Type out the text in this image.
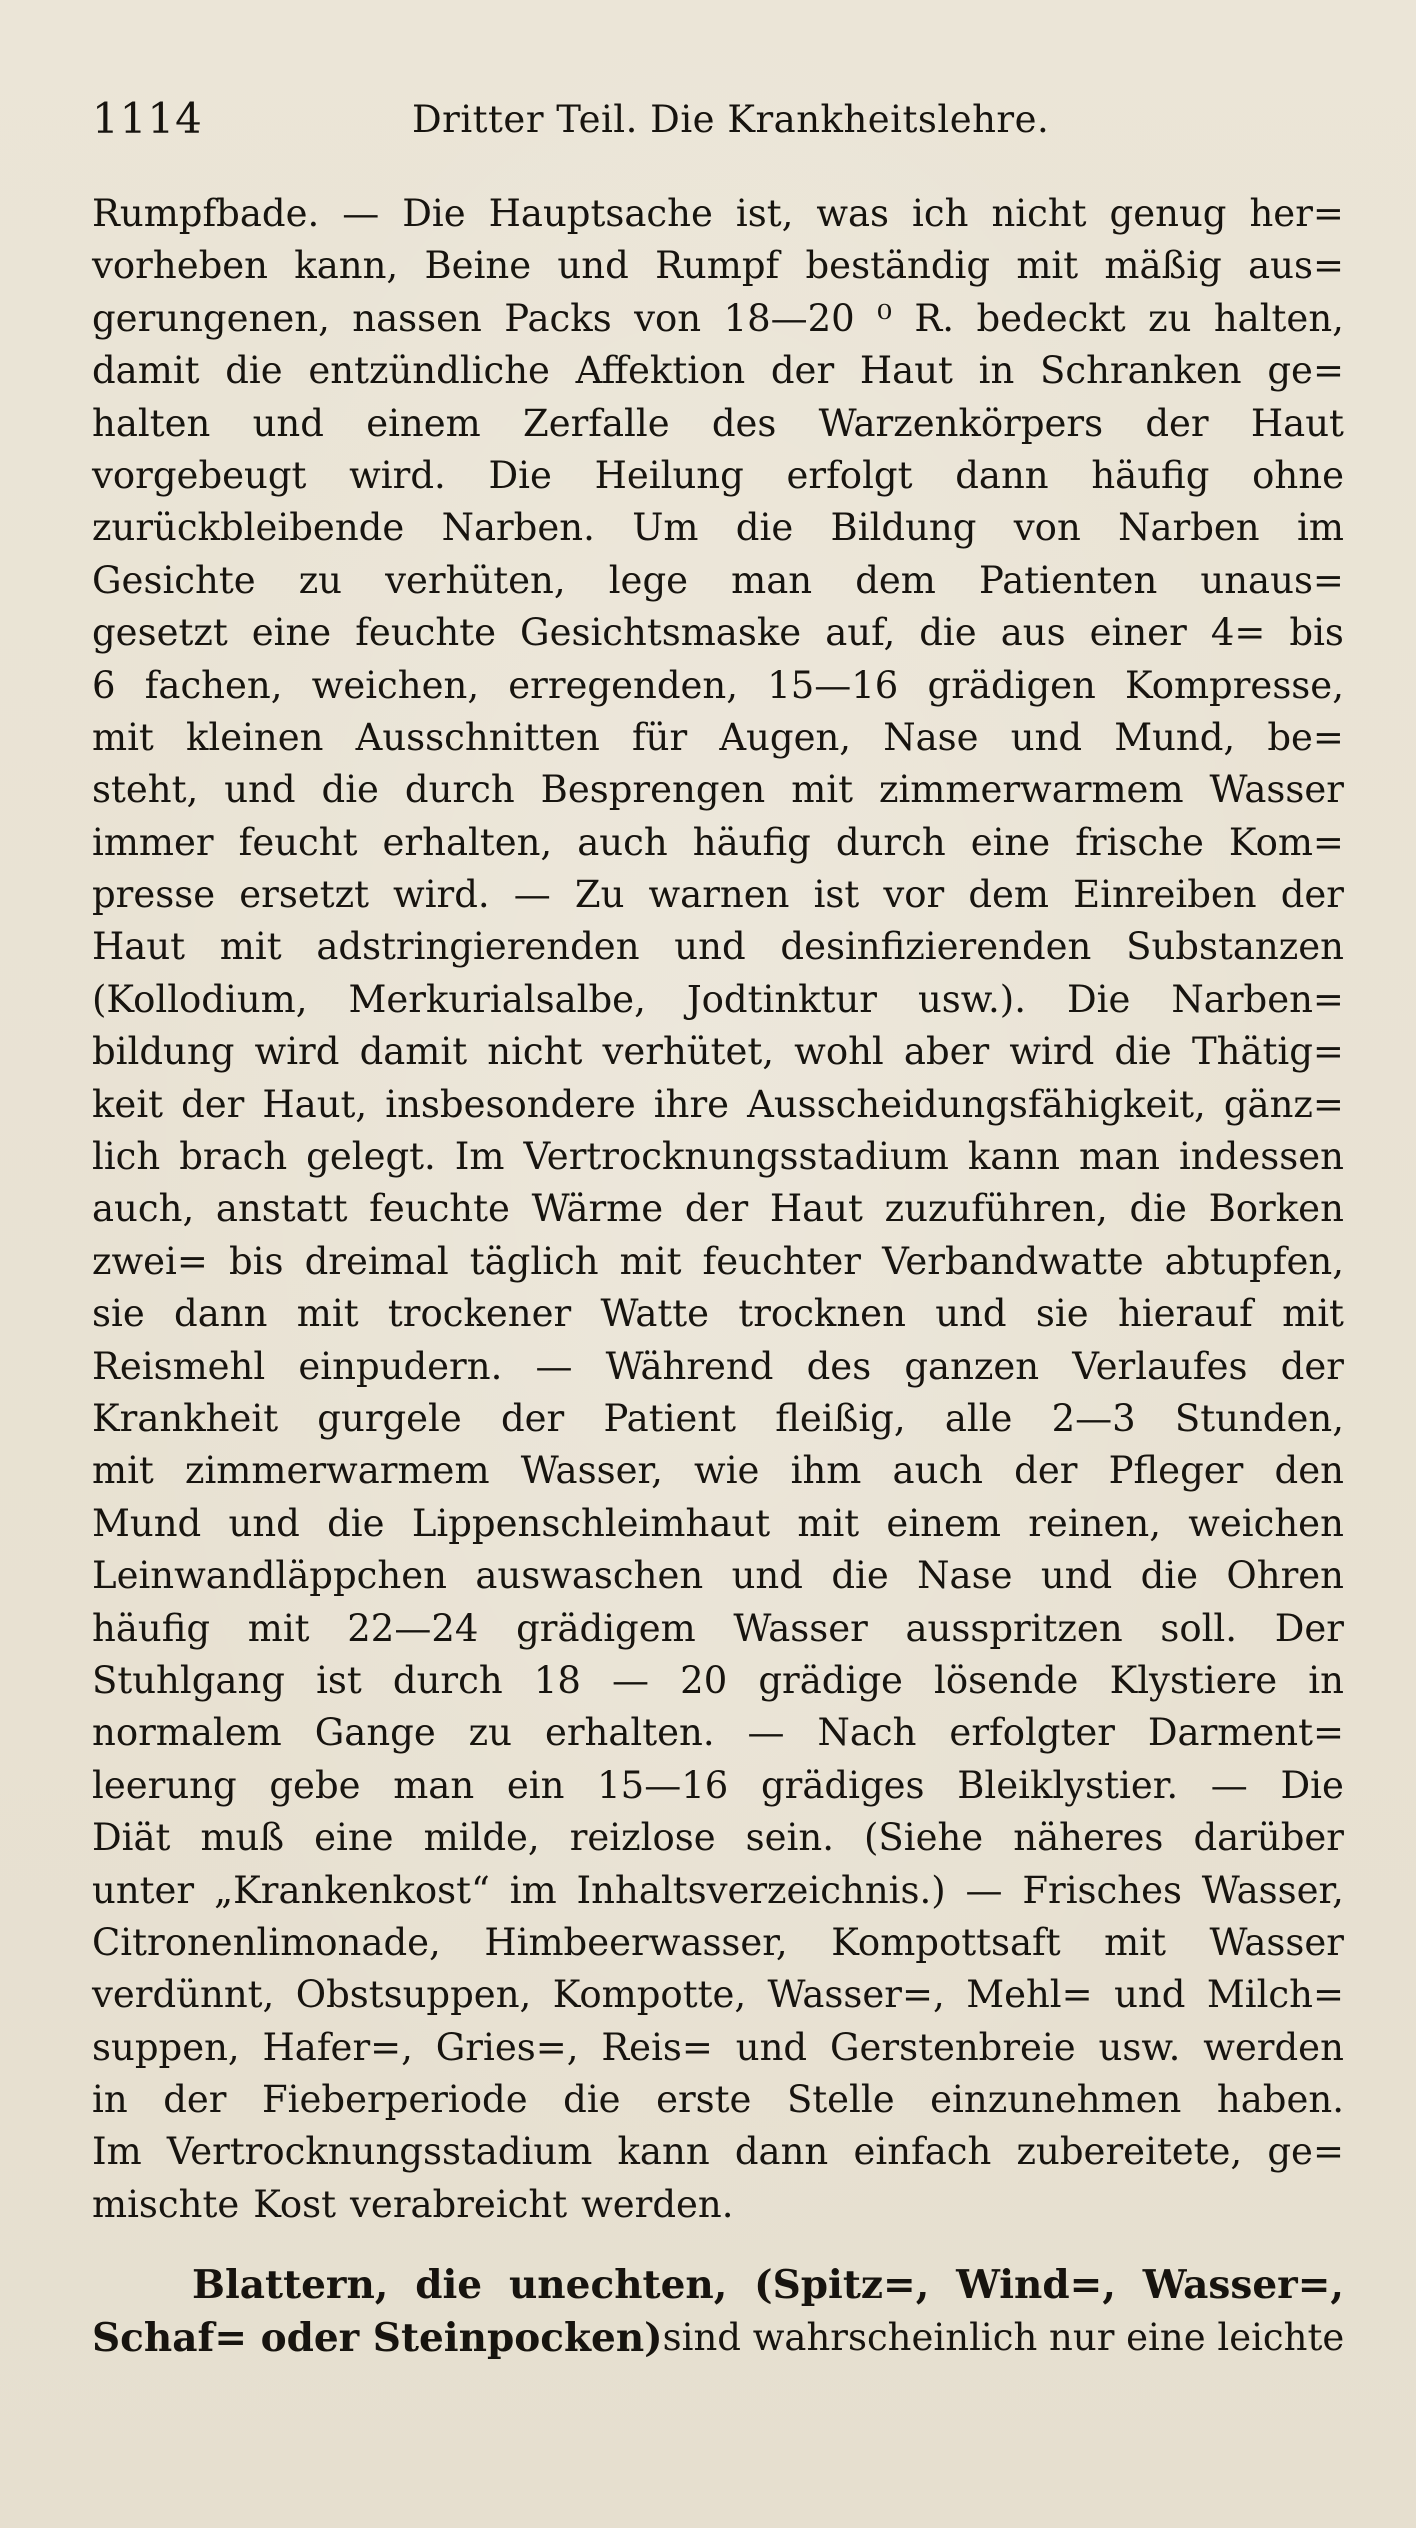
1114	Dritter Teil. Die Krankheitslehre.
Rumpfbade. — Die Hauptsache ist, was ich nicht genug her=
vorheben kann, Beine und Rumpf beständig mit mäßig aus=
gerungenen, nassen Packs von 18—20 ⁰ R. bedeckt zu halten,
damit die entzündliche Affektion der Haut in Schranken ge=
halten und einem Zerfalle des Warzenkörpers der Haut
vorgebeugt wird. Die Heilung erfolgt dann häufig ohne
zurückbleibende Narben. Um die Bildung von Narben im
Gesichte zu verhüten, lege man dem Patienten unaus=
gesetzt eine feuchte Gesichtsmaske auf, die aus einer 4= bis
6 fachen, weichen, erregenden, 15—16 grädigen Kompresse,
mit kleinen Ausschnitten für Augen, Nase und Mund, be=
steht, und die durch Besprengen mit zimmerwarmem Wasser
immer feucht erhalten, auch häufig durch eine frische Kom=
presse ersetzt wird. — Zu warnen ist vor dem Einreiben der
Haut mit adstringierenden und desinfizierenden Substanzen
(Kollodium, Merkurialsalbe, Jodtinktur usw.). Die Narben=
bildung wird damit nicht verhütet, wohl aber wird die Thätig=
keit der Haut, insbesondere ihre Ausscheidungsfähigkeit, gänz=
lich brach gelegt. Im Vertrocknungsstadium kann man indessen
auch, anstatt feuchte Wärme der Haut zuzuführen, die Borken
zwei= bis dreimal täglich mit feuchter Verbandwatte abtupfen,
sie dann mit trockener Watte trocknen und sie hierauf mit
Reismehl einpudern. — Während des ganzen Verlaufes der
Krankheit gurgele der Patient fleißig, alle 2—3 Stunden,
mit zimmerwarmem Wasser, wie ihm auch der Pfleger den
Mund und die Lippenschleimhaut mit einem reinen, weichen
Leinwandläppchen auswaschen und die Nase und die Ohren
häufig mit 22—24 grädigem Wasser ausspritzen soll. Der
Stuhlgang ist durch 18 — 20 grädige lösende Klystiere in
normalem Gange zu erhalten. — Nach erfolgter Darment=
leerung gebe man ein 15—16 grädiges Bleiklystier. — Die
Diät muß eine milde, reizlose sein. (Siehe näheres darüber
unter „Krankenkost“ im Inhaltsverzeichnis.) — Frisches Wasser,
Citronenlimonade, Himbeerwasser, Kompottsaft mit Wasser
verdünnt, Obstsuppen, Kompotte, Wasser=, Mehl= und Milch=
suppen, Hafer=, Gries=, Reis= und Gerstenbreie usw. werden
in der Fieberperiode die erste Stelle einzunehmen haben.
Im Vertrocknungsstadium kann dann einfach zubereitete, ge=
mischte Kost verabreicht werden.
Blattern, die unechten, (Spitz=, Wind=, Wasser=,
Schaf= oder Steinpocken) sind wahrscheinlich nur eine leichte
